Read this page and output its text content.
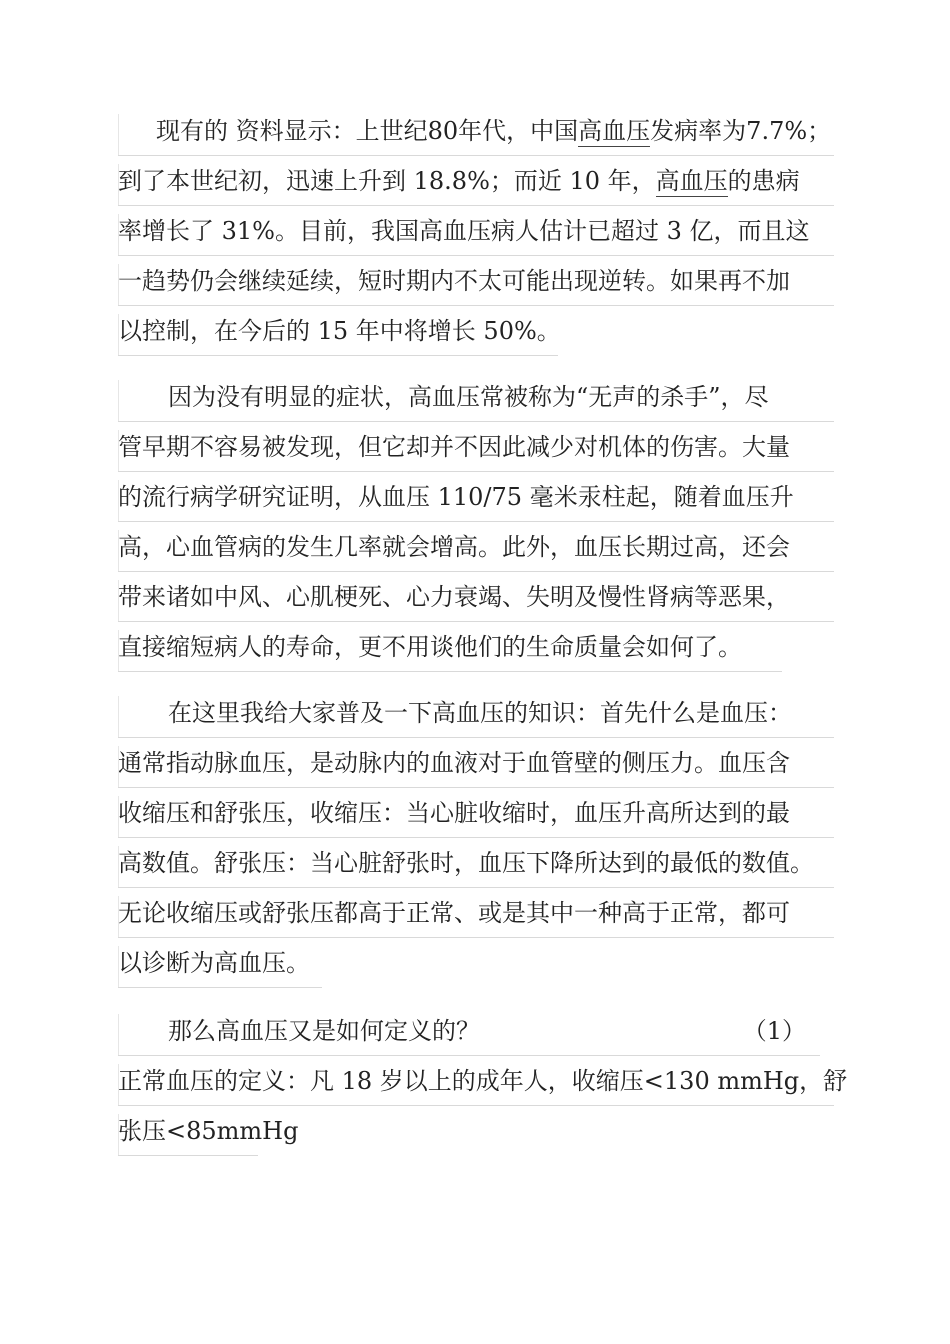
现有的 资料显示：上世纪80年代，中国高血压发病率为7.7%；
到了本世纪初，迅速上升到 18.8%；而近 10 年，高血压的患病
率增长了 31%。目前，我国高血压病人估计已超过 3 亿，而且这
一趋势仍会继续延续，短时期内不太可能出现逆转。如果再不加
以控制，在今后的 15 年中将增长 50%。
因为没有明显的症状，高血压常被称为“无声的杀手”，尽
管早期不容易被发现，但它却并不因此减少对机体的伤害。大量
的流行病学研究证明，从血压 110/75 毫米汞柱起，随着血压升
高，心血管病的发生几率就会增高。此外，血压长期过高，还会
带来诸如中风、心肌梗死、心力衰竭、失明及慢性肾病等恶果，
直接缩短病人的寿命，更不用谈他们的生命质量会如何了。
在这里我给大家普及一下高血压的知识：首先什么是血压：
通常指动脉血压，是动脉内的血液对于血管壁的侧压力。血压含
收缩压和舒张压，收缩压：当心脏收缩时，血压升高所达到的最
高数值。舒张压：当心脏舒张时，血压下降所达到的最低的数值。
无论收缩压或舒张压都高于正常、或是其中一种高于正常，都可
以诊断为高血压。
那么高血压又是如何定义的？	（1）
正常血压的定义：凡 18 岁以上的成年人，收缩压<130 mmHg，舒
张压<85mmHg
